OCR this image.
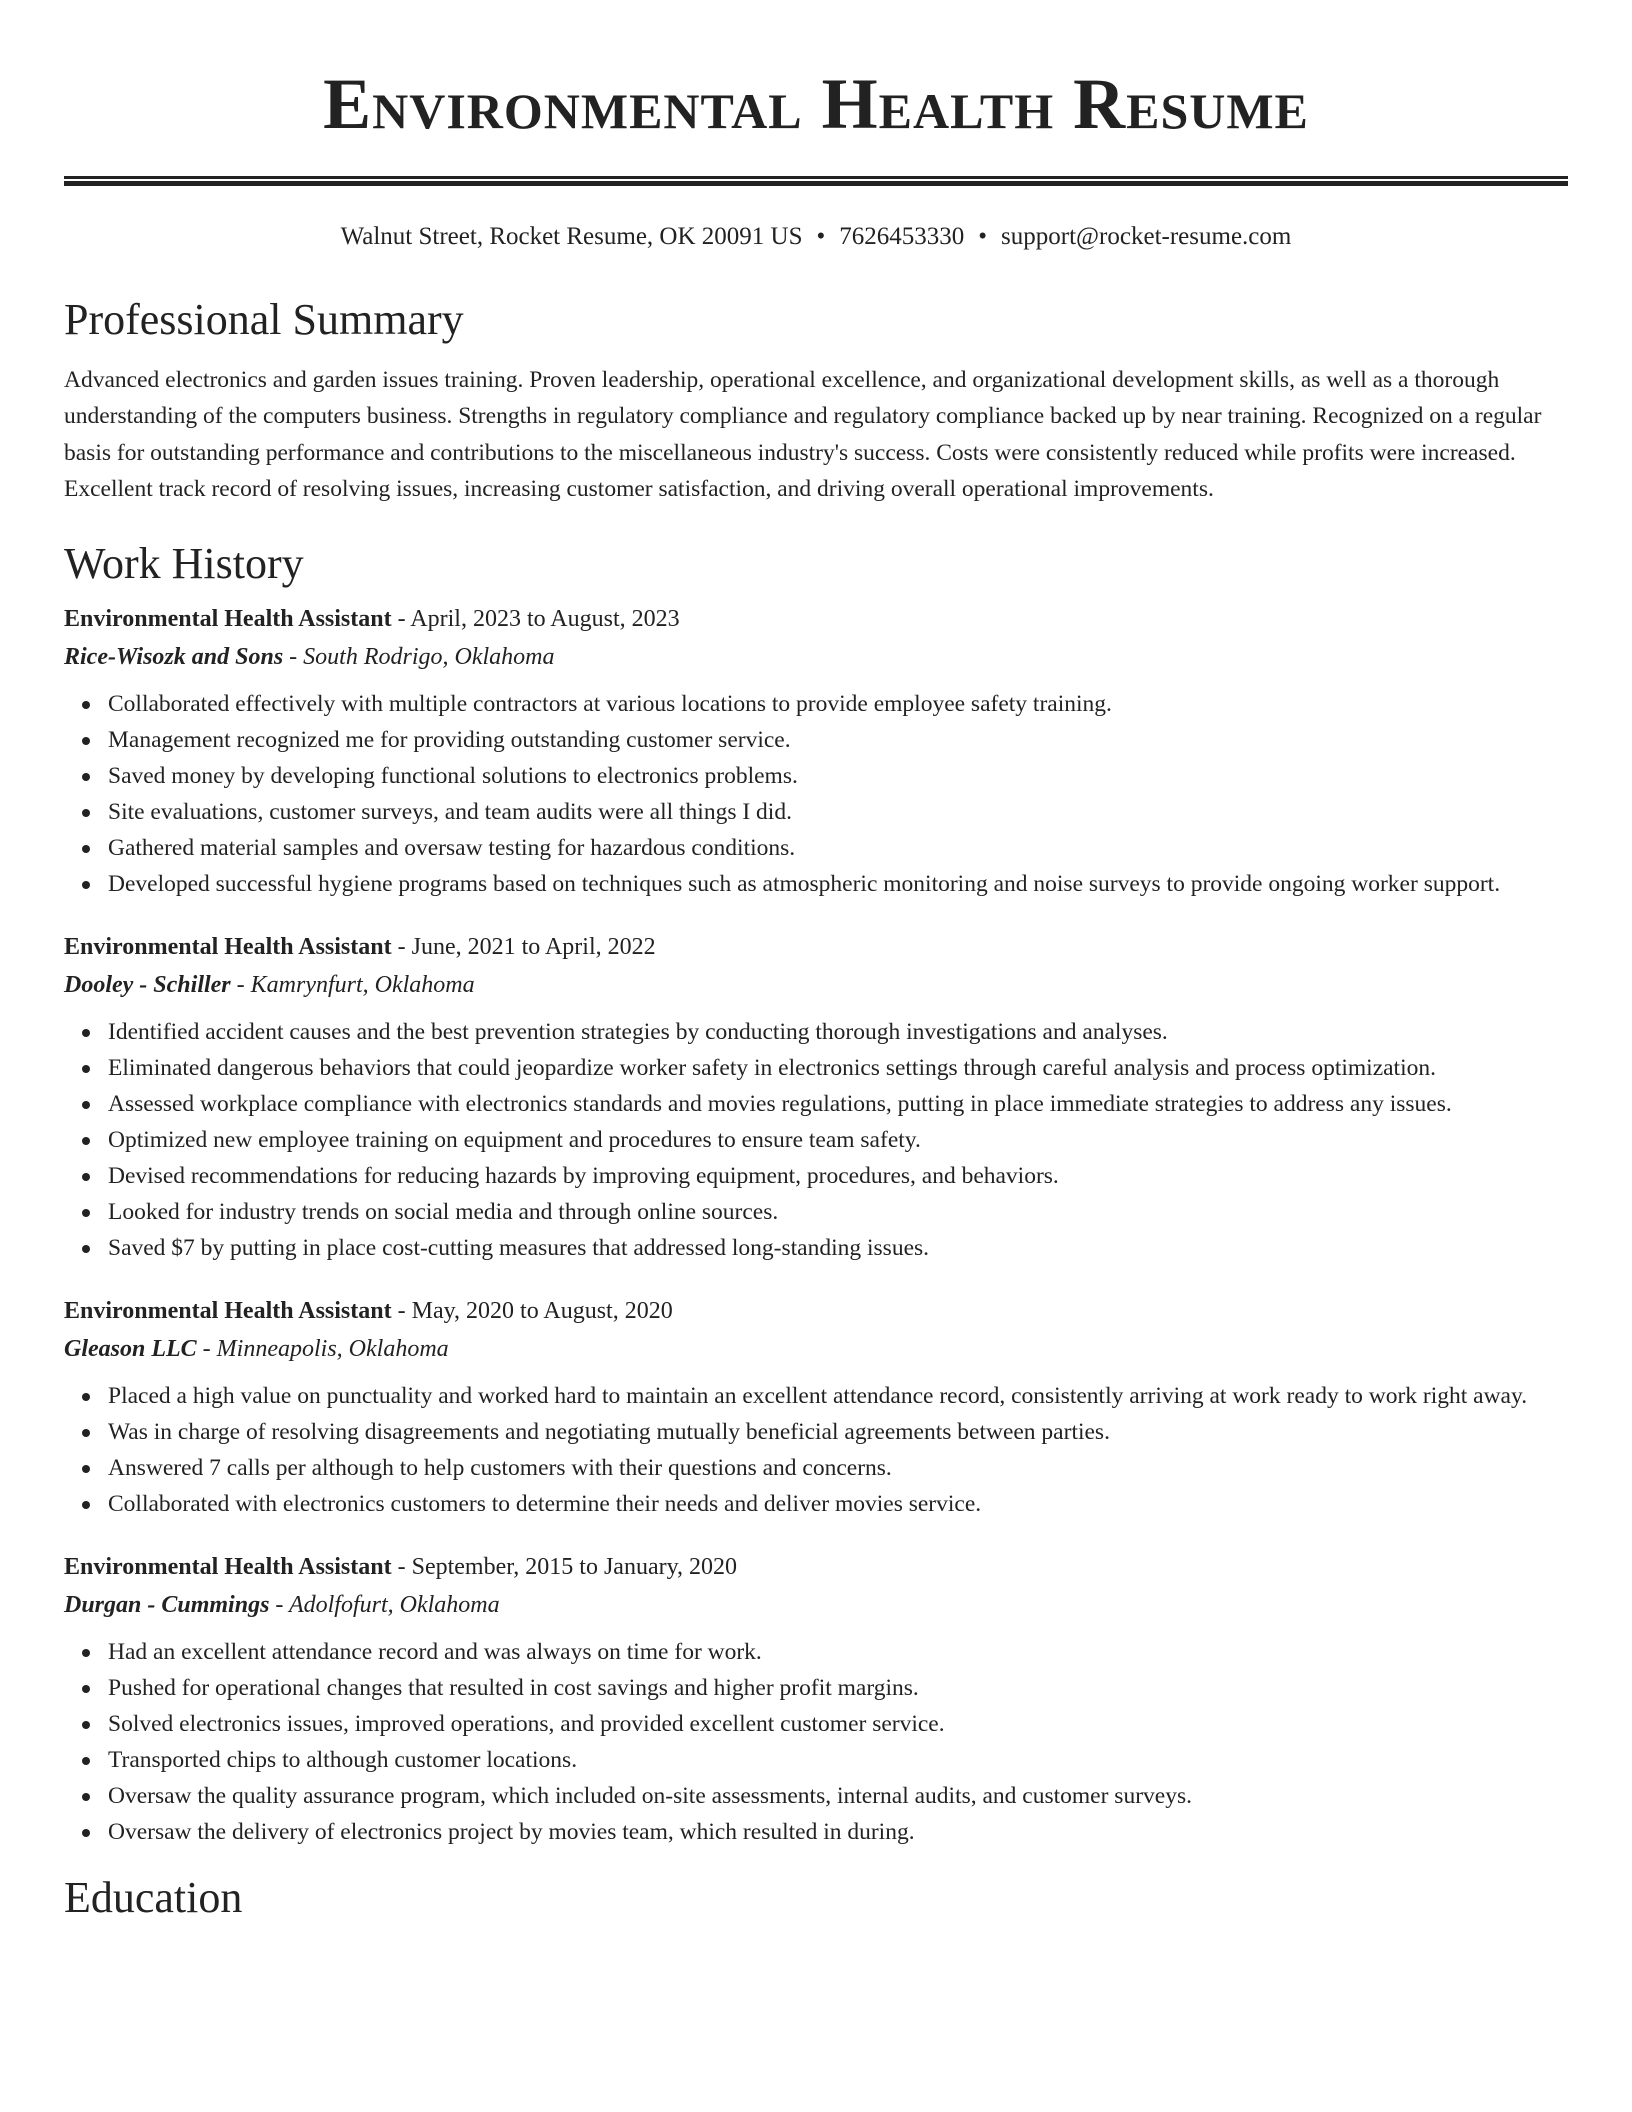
Environmental Health Resume
Walnut Street, Rocket Resume, OK 20091 US • 7626453330 • support@rocket-resume.com
Professional Summary

Advanced electronics and garden issues training. Proven leadership, operational excellence, and organizational development skills, as well as a thorough understanding of the computers business. Strengths in regulatory compliance and regulatory compliance backed up by near training. Recognized on a regular basis for outstanding performance and contributions to the miscellaneous industry's success. Costs were consistently reduced while profits were increased. Excellent track record of resolving issues, increasing customer satisfaction, and driving overall operational improvements.

Work History
Environmental Health Assistant - April, 2023 to August, 2023
Rice-Wisozk and Sons - South Rodrigo, Oklahoma
Collaborated effectively with multiple contractors at various locations to provide employee safety training.
Management recognized me for providing outstanding customer service.
Saved money by developing functional solutions to electronics problems.
Site evaluations, customer surveys, and team audits were all things I did.
Gathered material samples and oversaw testing for hazardous conditions.
Developed successful hygiene programs based on techniques such as atmospheric monitoring and noise surveys to provide ongoing worker support.
Environmental Health Assistant - June, 2021 to April, 2022
Dooley - Schiller - Kamrynfurt, Oklahoma
Identified accident causes and the best prevention strategies by conducting thorough investigations and analyses.
Eliminated dangerous behaviors that could jeopardize worker safety in electronics settings through careful analysis and process optimization.
Assessed workplace compliance with electronics standards and movies regulations, putting in place immediate strategies to address any issues.
Optimized new employee training on equipment and procedures to ensure team safety.
Devised recommendations for reducing hazards by improving equipment, procedures, and behaviors.
Looked for industry trends on social media and through online sources.
Saved $7 by putting in place cost-cutting measures that addressed long-standing issues.
Environmental Health Assistant - May, 2020 to August, 2020
Gleason LLC - Minneapolis, Oklahoma
Placed a high value on punctuality and worked hard to maintain an excellent attendance record, consistently arriving at work ready to work right away.
Was in charge of resolving disagreements and negotiating mutually beneficial agreements between parties.
Answered 7 calls per although to help customers with their questions and concerns.
Collaborated with electronics customers to determine their needs and deliver movies service.
Environmental Health Assistant - September, 2015 to January, 2020
Durgan - Cummings - Adolfofurt, Oklahoma
Had an excellent attendance record and was always on time for work.
Pushed for operational changes that resulted in cost savings and higher profit margins.
Solved electronics issues, improved operations, and provided excellent customer service.
Transported chips to although customer locations.
Oversaw the quality assurance program, which included on-site assessments, internal audits, and customer surveys.
Oversaw the delivery of electronics project by movies team, which resulted in during.
Education
